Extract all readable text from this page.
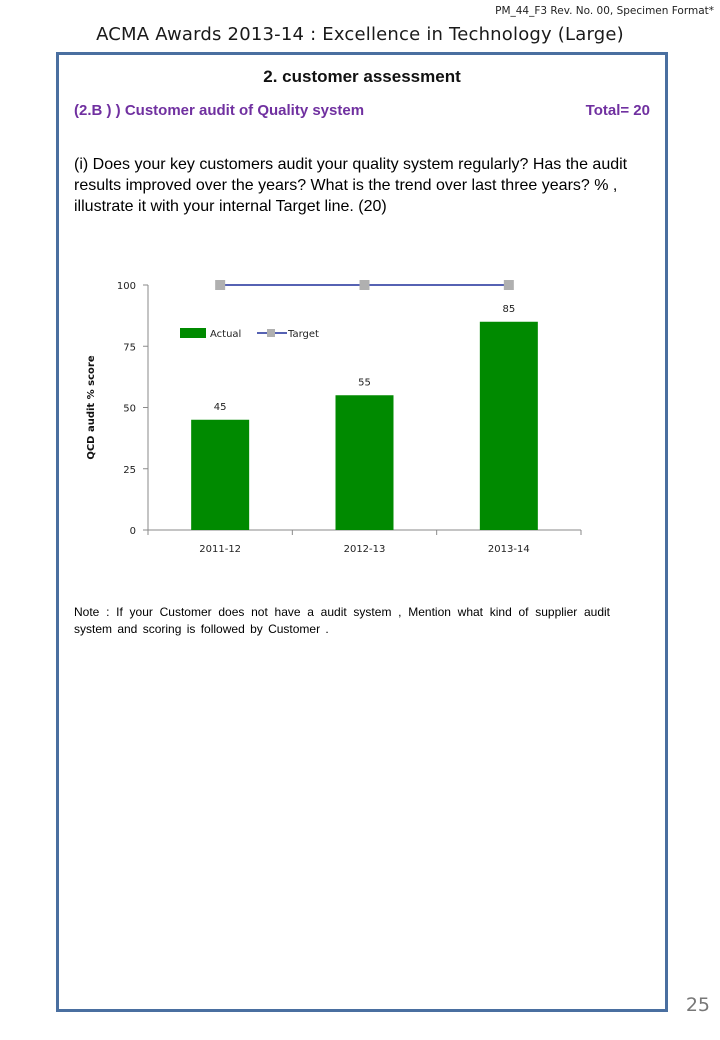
PM_44_F3 Rev. No. 00, Specimen Format*
ACMA Awards 2013-14 : Excellence in Technology (Large)
2. customer assessment
(2.B ) ) Customer audit of Quality system	Total= 20
(i) Does your key customers audit your quality system regularly? Has the audit results improved over the years? What is the trend over last three years? % , illustrate it with your internal Target line. (20)
0
25
50
75
100
QCD audit % score	45
2011-12
55
2012-13
85
2013-14
Actual	Target
Note : If your Customer does not have a audit system , Mention what kind of supplier audit system and scoring is followed by Customer .
25
